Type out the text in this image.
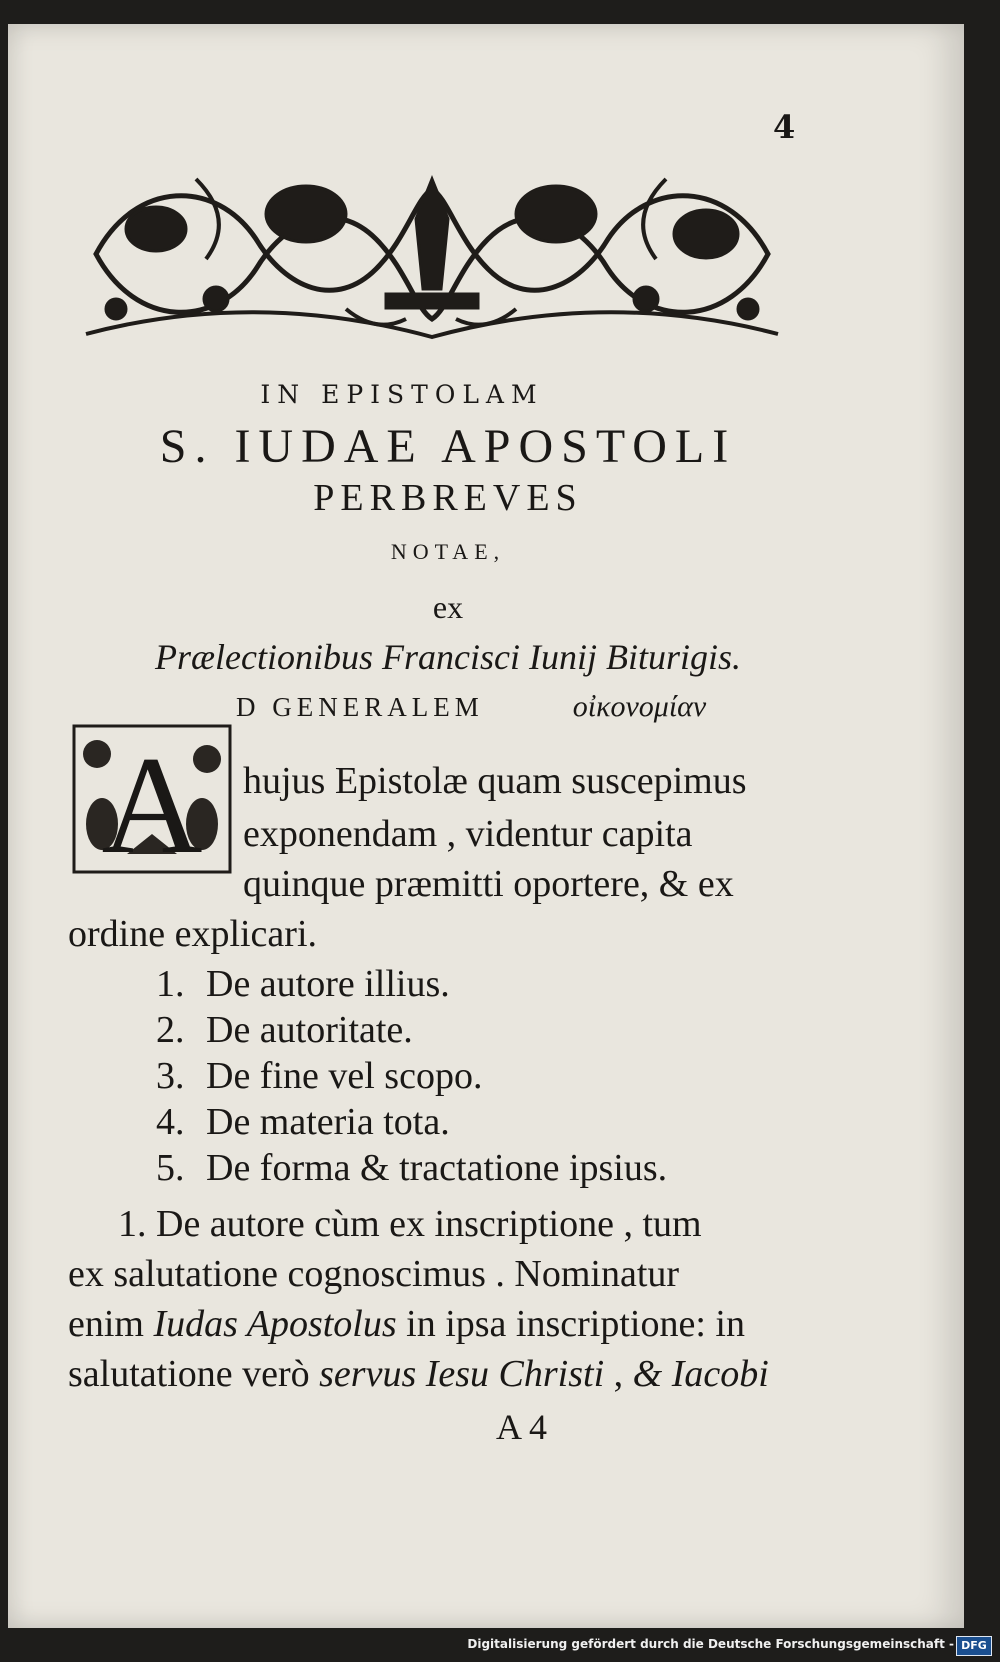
4
IN EPISTOLAM
S. IUDAE APOSTOLI
PERBREVES
NOTAE,
ex
Prælectionibus Francisci Iunij Biturigis.
A
D GENERALEM	οἰκονομίαν
hujus Epistolæ quam suscepimus
exponendam , videntur capita
quinque præmitti oportere, & ex
ordine explicari.
1. De autore illius.
2. De autoritate.
3. De fine vel scopo.
4. De materia tota.
5. De forma & tractatione ipsius.
1. De autore cùm ex inscriptione , tum
ex salutatione cognoscimus . Nominatur
enim Iudas Apostolus in ipsa inscriptione: in
salutatione verò servus Iesu Christi , & Iacobi
A 4
Digitalisierung gefördert durch die Deutsche Forschungsgemeinschaft - DFG
